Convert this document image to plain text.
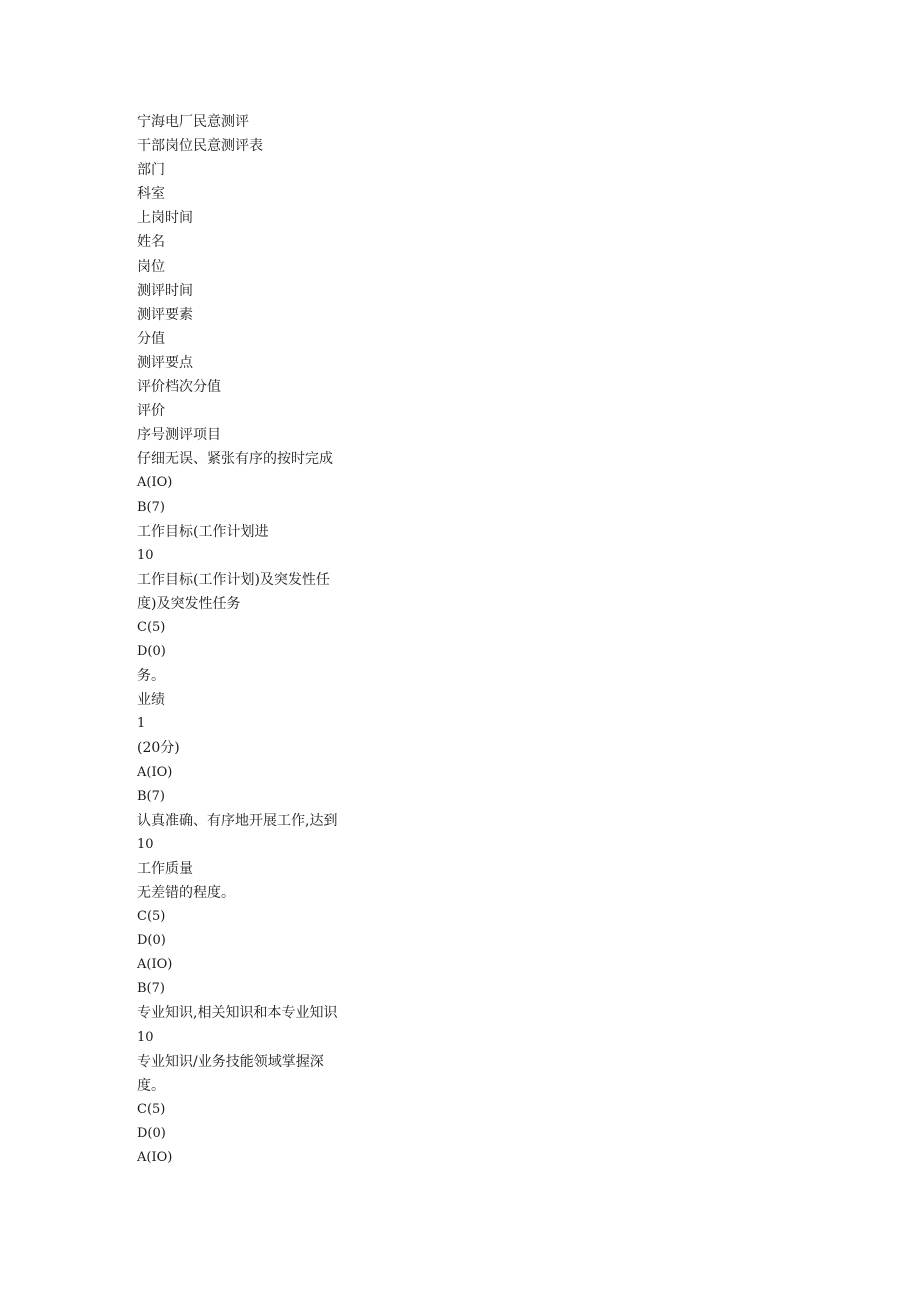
宁海电厂民意测评
干部岗位民意测评表
部门
科室
上岗时间
姓名
岗位
测评时间
测评要素
分值
测评要点
评价档次分值
评价
序号测评项目
仔细无误、紧张有序的按时完成
A(IO)
B(7)
工作目标(工作计划进
10
工作目标(工作计划)及突发性任
度)及突发性任务
C(5)
D(0)
务。
业绩
1
(20分)
A(IO)
B(7)
认真准确、有序地开展工作,达到
10
工作质量
无差错的程度。
C(5)
D(0)
A(IO)
B(7)
专业知识,相关知识和本专业知识
10
专业知识/业务技能领域掌握深
度。
C(5)
D(0)
A(IO)
